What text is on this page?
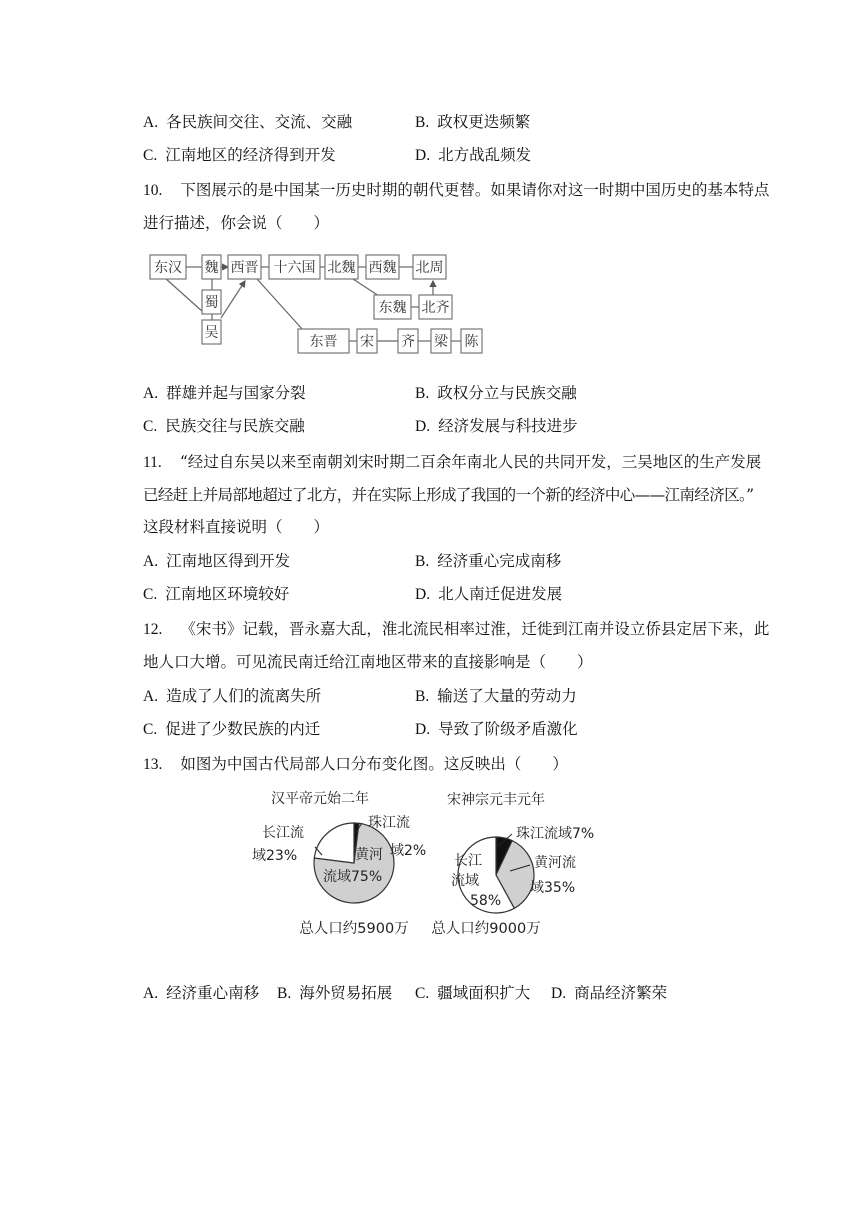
A. 各民族间交往、交流、交融	B. 政权更迭频繁
C. 江南地区的经济得到开发	D. 北方战乱频发
10. 下图展示的是中国某一历史时期的朝代更替。如果请你对这一时期中国历史的基本特点
进行描述，你会说（　　）
东汉 魏
蜀
吴
西晋 十六国 北魏 西魏 北周
东魏 北齐
东晋 宋 齐 梁 陈
A. 群雄并起与国家分裂	B. 政权分立与民族交融
C. 民族交往与民族交融	D. 经济发展与科技进步
11. “经过自东吴以来至南朝刘宋时期二百余年南北人民的共同开发，三吴地区的生产发展
已经赶上并局部地超过了北方，并在实际上形成了我国的一个新的经济中心——江南经济区。”
这段材料直接说明（　　）
A. 江南地区得到开发	B. 经济重心完成南移
C. 江南地区环境较好	D. 北人南迁促进发展
12. 《宋书》记载，晋永嘉大乱，淮北流民相率过淮，迁徙到江南并设立侨县定居下来，此
地人口大增。可见流民南迁给江南地区带来的直接影响是（　　）
A. 造成了人们的流离失所	B. 输送了大量的劳动力
C. 促进了少数民族的内迁	D. 导致了阶级矛盾激化
13. 如图为中国古代局部人口分布变化图。这反映出（　　）
汉平帝元始二年	宋神宗元丰元年
珠江流
域2%
长江流
域23%	黄河
流域75%
珠江流域7%
黄河流
域35%
长江
流域
58%
总人口约5900万 总人口约9000万
A. 经济重心南移 B. 海外贸易拓展 C. 疆域面积扩大 D. 商品经济繁荣
